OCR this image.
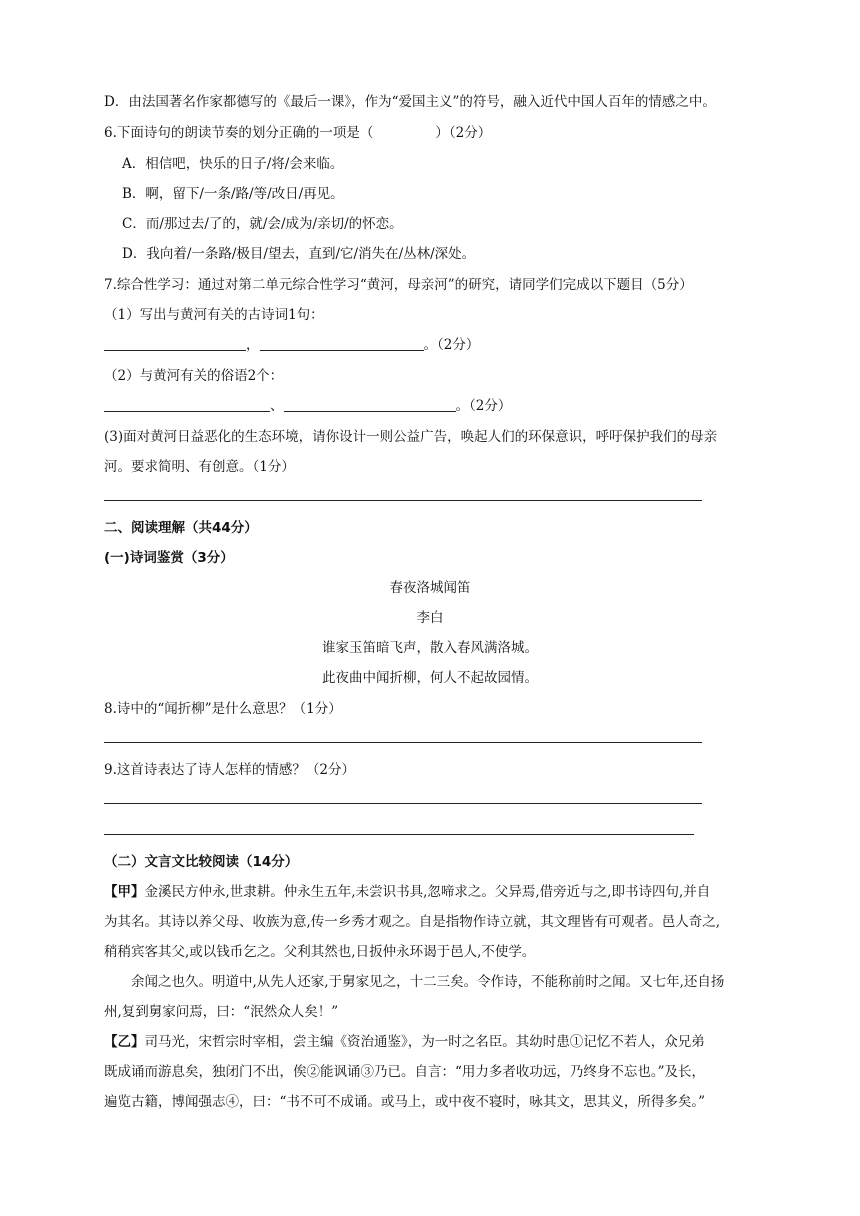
D．由法国著名作家都德写的《最后一课》，作为“爱国主义”的符号，融入近代中国人百年的情感之中。
6.下面诗句的朗读节奏的划分正确的一项是（	）（2分）
A．相信吧，快乐的日子/将/会来临。
B．啊，留下/一条/路/等/改日/再见。
C．而/那过去/了的，就/会/成为/亲切/的怀恋。
D．我向着/一条路/极目/望去，直到/它/消失在/丛林/深处。
7.综合性学习：通过对第二单元综合性学习“黄河，母亲河”的研究，请同学们完成以下题目（5分）
（1）写出与黄河有关的古诗词1句：
，	。（2分）
（2）与黄河有关的俗语2个：
、	。（2分）
(3)面对黄河日益恶化的生态环境，请你设计一则公益广告，唤起人们的环保意识，呼吁保护我们的母亲
河。要求简明、有创意。（1分）
二、阅读理解（共44分）
(一)诗词鉴赏（3分）
春夜洛城闻笛
李白
谁家玉笛暗飞声，散入春风满洛城。
此夜曲中闻折柳，何人不起故园情。
8.诗中的“闻折柳”是什么意思？（1分）
9.这首诗表达了诗人怎样的情感？（2分）
（二）文言文比较阅读（14分）
【甲】金溪民方仲永,世隶耕。仲永生五年,未尝识书具,忽啼求之。父异焉,借旁近与之,即书诗四句,并自
为其名。其诗以养父母、收族为意,传一乡秀才观之。自是指物作诗立就，其文理皆有可观者。邑人奇之,
稍稍宾客其父,或以钱币乞之。父利其然也,日扳仲永环谒于邑人,不使学。
余闻之也久。明道中,从先人还家,于舅家见之，十二三矣。令作诗，不能称前时之闻。又七年,还自扬
州,复到舅家问焉，曰：“泯然众人矣！”
【乙】司马光，宋哲宗时宰相，尝主编《资治通鉴》，为一时之名臣。其幼时患①记忆不若人，众兄弟
既成诵而游息矣，独闭门不出，俟②能讽诵③乃已。自言：“用力多者收功远，乃终身不忘也。”及长，
遍览古籍，博闻强志④，曰：“书不可不成诵。或马上，或中夜不寝时，咏其文，思其义，所得多矣。”
